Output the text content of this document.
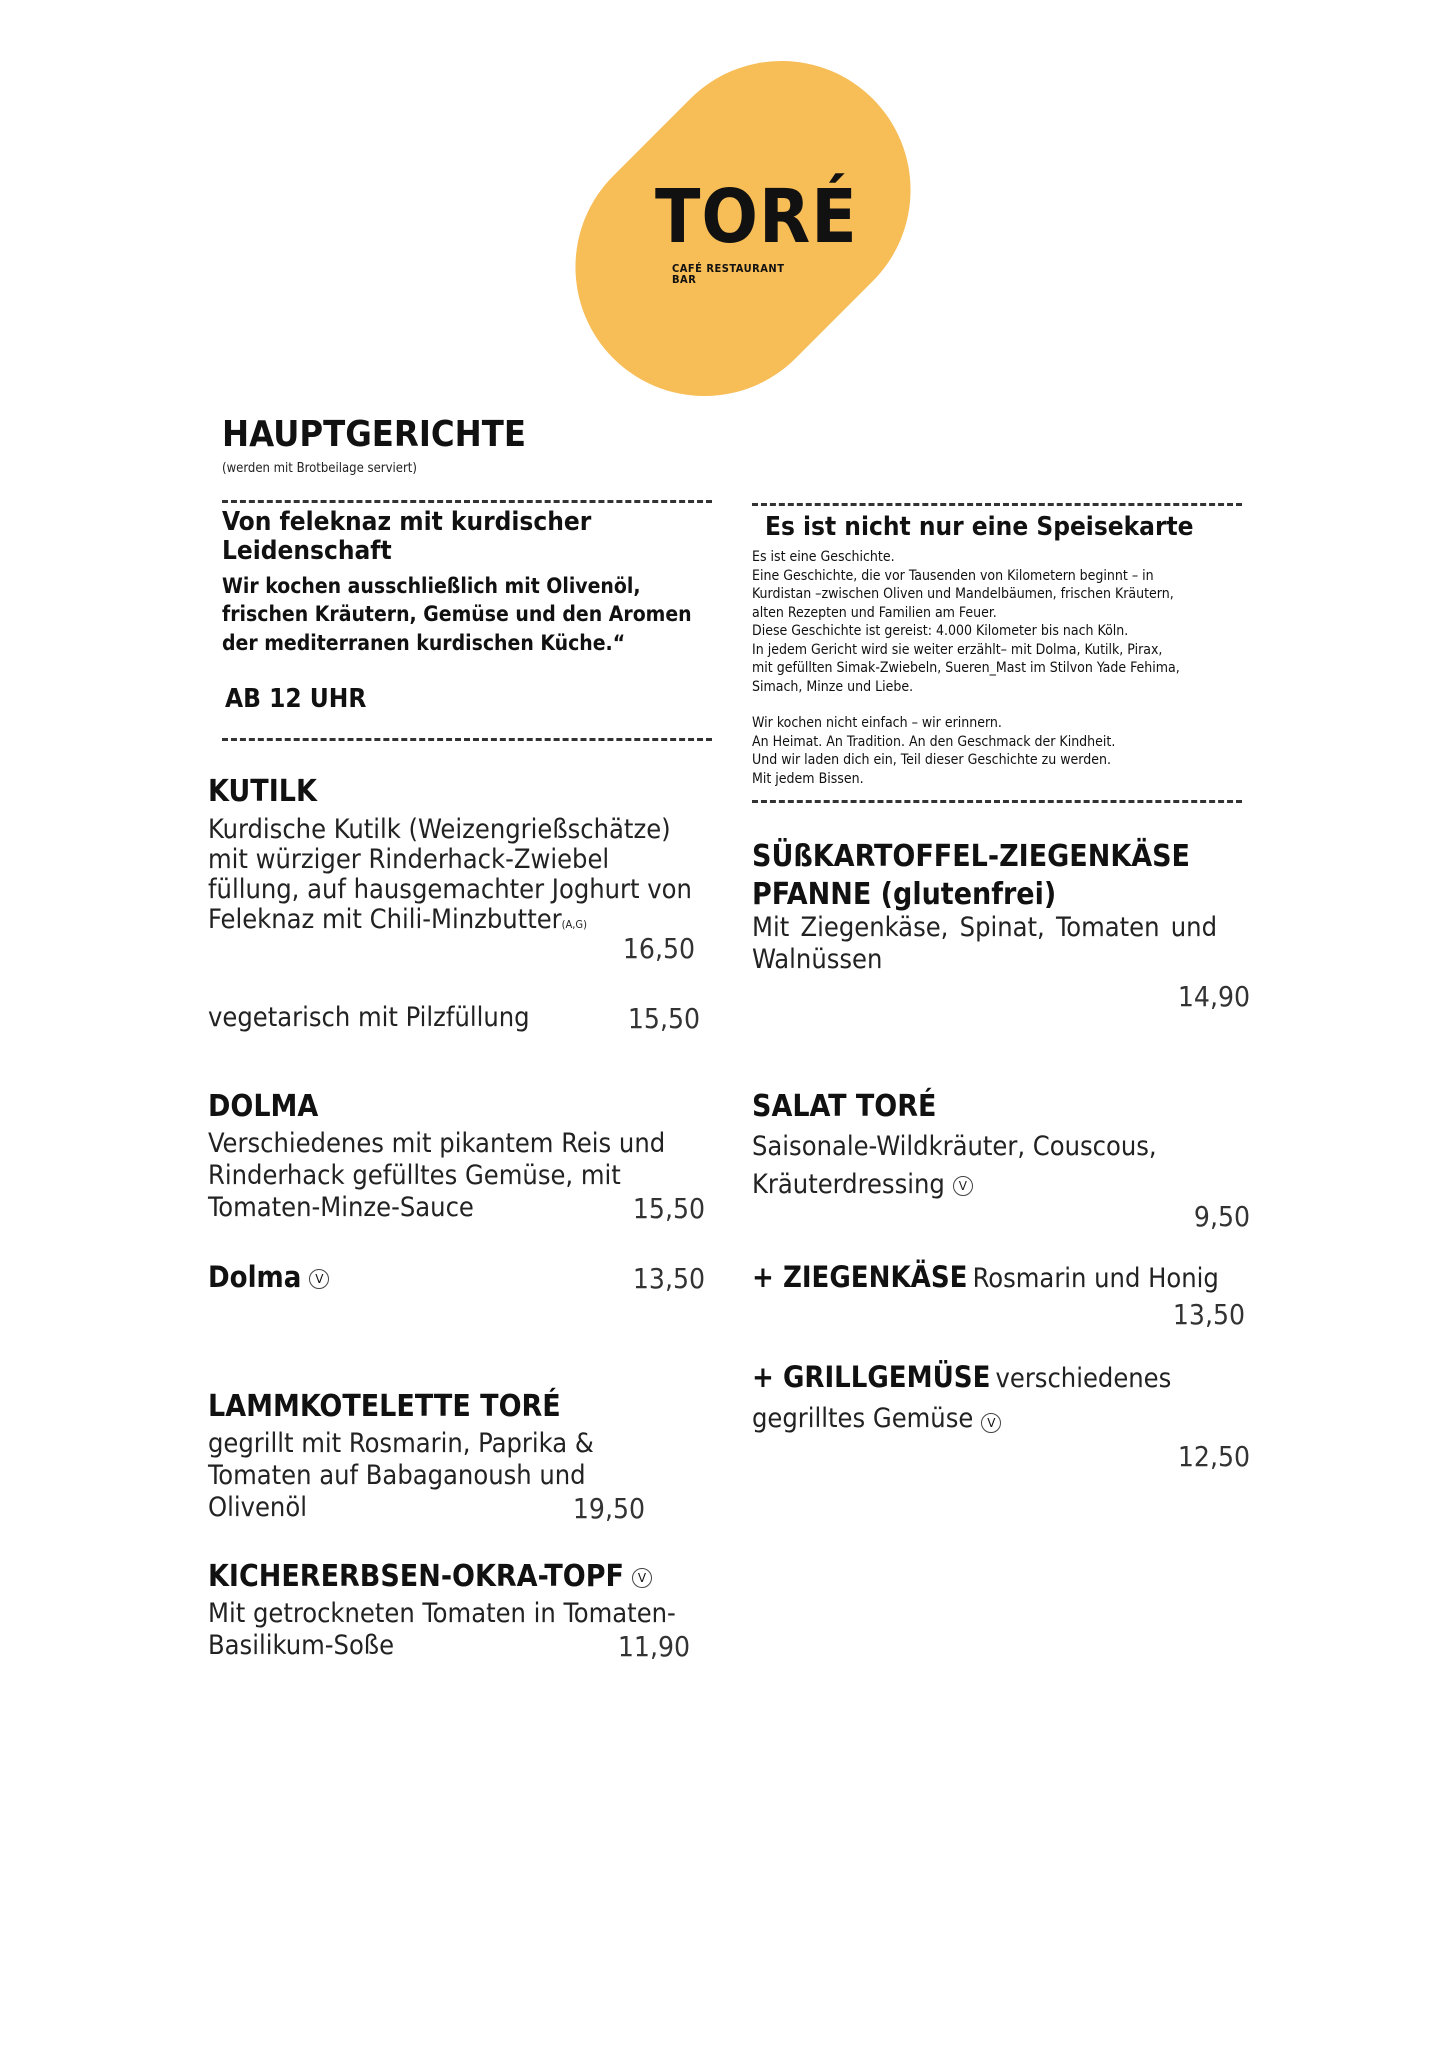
TORÉ
CAFÉ RESTAURANT BAR
HAUPTGERICHTE
(werden mit Brotbeilage serviert)
Von feleknaz mit kurdischer
Leidenschaft
Wir kochen ausschließlich mit Olivenöl,
frischen Kräutern, Gemüse und den Aromen
der mediterranen kurdischen Küche.“
AB 12 UHR
Es ist nicht nur eine Speisekarte
Es ist eine Geschichte.
Eine Geschichte, die vor Tausenden von Kilometern beginnt – in
Kurdistan –zwischen Oliven und Mandelbäumen, frischen Kräutern,
alten Rezepten und Familien am Feuer.
Diese Geschichte ist gereist: 4.000 Kilometer bis nach Köln.
In jedem Gericht wird sie weiter erzählt– mit Dolma, Kutilk, Pirax,
mit gefüllten Simak-Zwiebeln, Sueren_Mast im Stilvon Yade Fehima,
Simach, Minze und Liebe.
Wir kochen nicht einfach – wir erinnern.
An Heimat. An Tradition. An den Geschmack der Kindheit.
Und wir laden dich ein, Teil dieser Geschichte zu werden.
Mit jedem Bissen.
KUTILK
Kurdische Kutilk (Weizengrießschätze) mit würziger Rinderhack-Zwiebel füllung, auf hausgemachter Joghurt von Feleknaz mit Chili-Minzbutter(A,G)
16,50
vegetarisch mit Pilzfüllung	15,50
DOLMA
Verschiedenes mit pikantem Reis und
Rinderhack gefülltes Gemüse, mit
Tomaten-Minze-Sauce	15,50
Dolma V	13,50
LAMMKOTELETTE TORÉ
gegrillt mit Rosmarin, Paprika &
Tomaten auf Babaganoush und
Olivenöl	19,50
KICHERERBSEN-OKRA-TOPF V
Mit getrockneten Tomaten in Tomaten-
Basilikum-Soße	11,90
SÜßKARTOFFEL-ZIEGENKÄSE
PFANNE (glutenfrei)
Mit Ziegenkäse, Spinat, Tomaten und Walnüssen
14,90
SALAT TORÉ
Saisonale-Wildkräuter, Couscous,
Kräuterdressing V
9,50
+ ZIEGENKÄSE Rosmarin und Honig
13,50
+ GRILLGEMÜSE verschiedenes
gegrilltes Gemüse V
12,50
